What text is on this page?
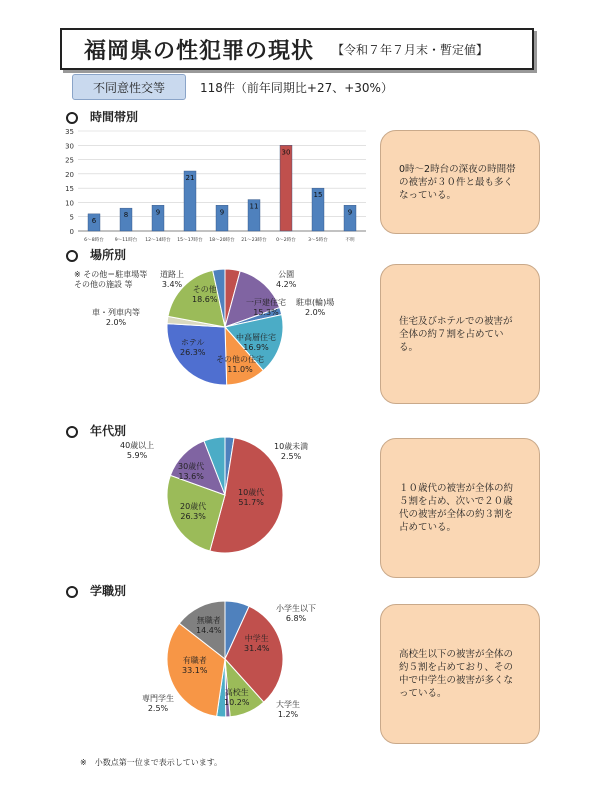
福岡県の性犯罪の現状 【令和７年７月末・暫定値】
不同意性交等	118件（前年同期比+27、+30%）
時間帯別
場所別
年代別
学職別
0
5
10
15
20
25
30
35
6
6～8時台
8
9～11時台
9
12～14時台
21
15～17時台
9
18～20時台
11
21～23時台
30
0～2時台
15
3～5時台
9
不明
※ その他＝駐車場等
その他の施設 等
公園
4.2%
一戸建住宅
15.3%
駐車(輪)場
2.0%
中高層住宅
16.9%
その他の住宅
11.0%
ホテル
26.3%
車・列車内等
2.0%
その他
18.6%
道路上
3.4%
10歳未満
2.5%
10歳代
51.7%
20歳代
26.3%
30歳代
13.6%
40歳以上
5.9%
小学生以下
6.8%
中学生
31.4%
高校生
10.2%	大学生
1.2%
専門学生
2.5%
有職者
33.1%
無職者
14.4%
0時～2時台の深夜の時間帯の被害が３０件と最も多くなっている。
住宅及びホテルでの被害が全体の約７割を占めている。
１０歳代の被害が全体の約５割を占め、次いで２０歳代の被害が全体の約３割を占めている。
高校生以下の被害が全体の約５割を占めており、その中で中学生の被害が多くなっている。
※　小数点第一位まで表示しています。
